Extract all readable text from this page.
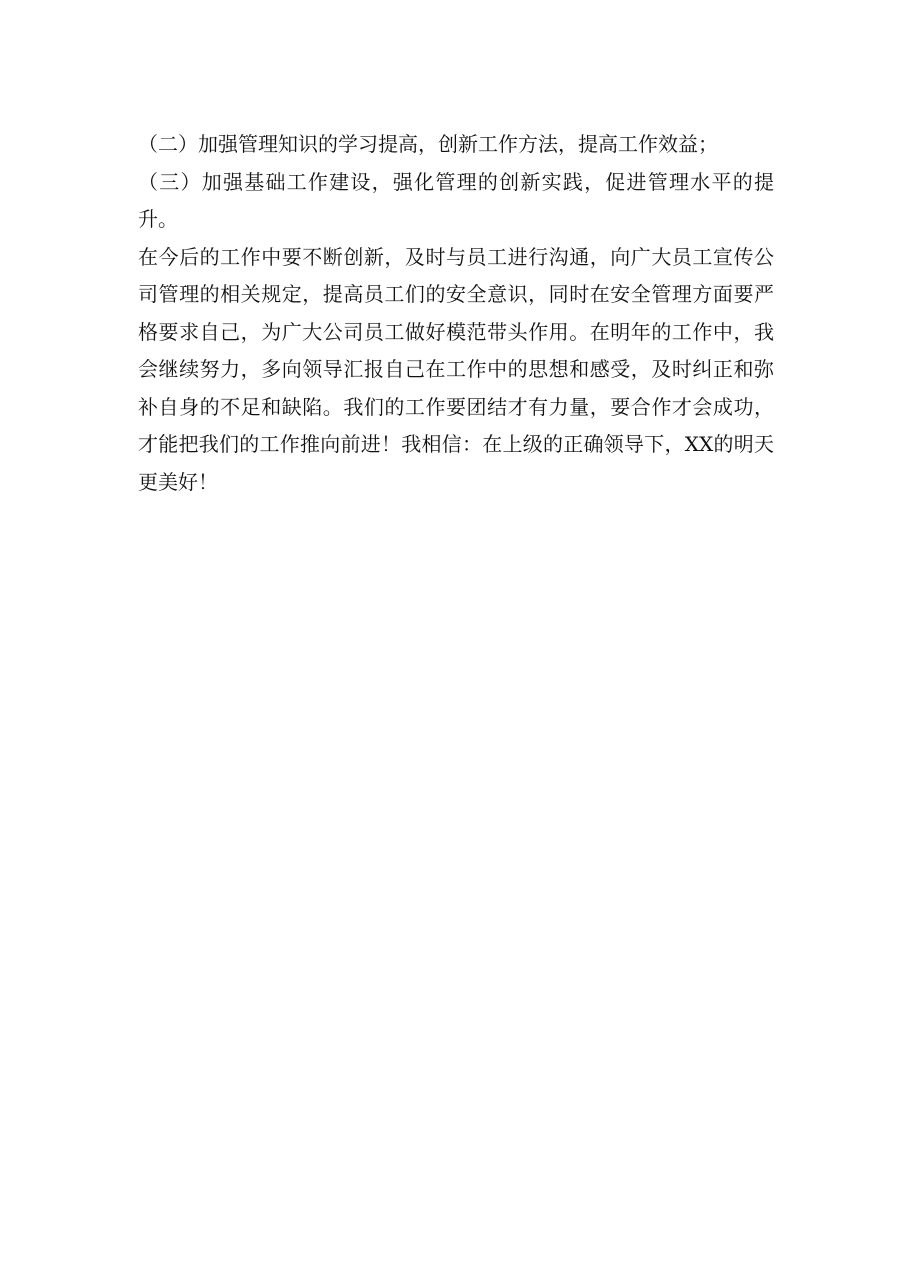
（二）加强管理知识的学习提高，创新工作方法，提高工作效益；

（三）加强基础工作建设，强化管理的创新实践，促进管理水平的提升。

在今后的工作中要不断创新，及时与员工进行沟通，向广大员工宣传公司管理的相关规定，提高员工们的安全意识，同时在安全管理方面要严格要求自己，为广大公司员工做好模范带头作用。在明年的工作中，我会继续努力，多向领导汇报自己在工作中的思想和感受，及时纠正和弥补自身的不足和缺陷。我们的工作要团结才有力量，要合作才会成功，才能把我们的工作推向前进！我相信：在上级的正确领导下，XX的明天更美好！
